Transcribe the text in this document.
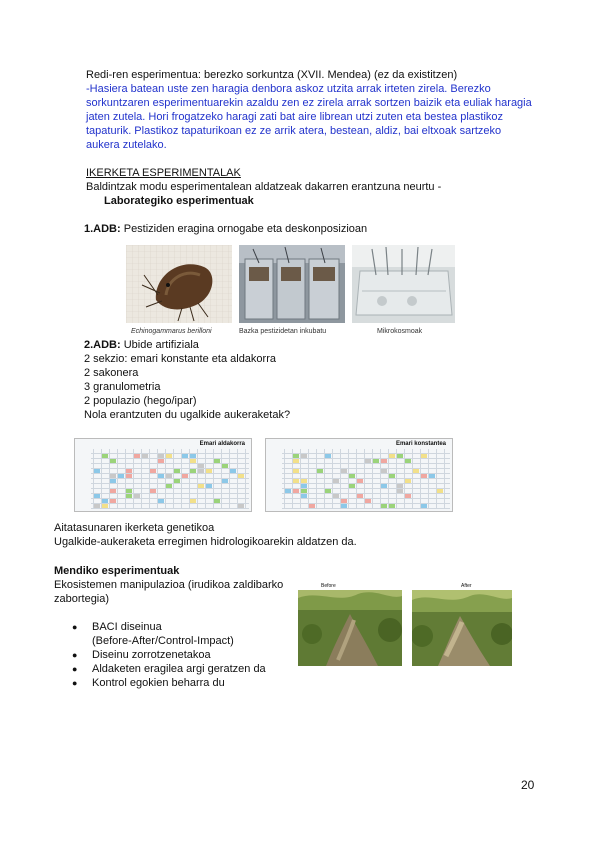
Redi-ren esperimentua: berezko sorkuntza (XVII. Mendea) (ez da existitzen)
-Hasiera batean uste zen haragia denbora askoz utzita arrak irteten zirela. Berezko
sorkuntzaren esperimentuarekin azaldu zen ez zirela arrak sortzen baizik eta euliak haragia
jaten zutela. Hori frogatzeko haragi zati bat aire librean utzi zuten eta bestea plastikoz
tapaturik. Plastikoz tapaturikoan ez ze arrik atera, bestean, aldiz, bai eltxoak sartzeko
aukera zutelako.
IKERKETA ESPERIMENTALAK
Baldintzak modu esperimentalean aldatzeak dakarren erantzuna neurtu -
Laborategiko esperimentuak
1.ADB: Pestiziden eragina ornogabe eta deskonposizioan
Echinogammarus berilloni	Bazka pestizidetan inkubatu	Mikrokosmoak
2.ADB: Ubide artifiziala
2 sekzio: emari konstante eta aldakorra
2 sakonera
3 granulometria
2 populazio (hego/ipar)
Nola erantzuten du ugalkide aukeraketak?
Emari aldakorra	Emari konstantea
Aitatasunaren ikerketa genetikoa
Ugalkide-aukeraketa erregimen hidrologikoarekin aldatzen da.
Mendiko esperimentuak
Ekosistemen manipulazioa (irudikoa zaldibarko
zabortegia)
● BACI diseinua
(Before-After/Control-Impact)
● Diseinu zorrotzenetakoa
● Aldaketen eragilea argi geratzen da
● Kontrol egokien beharra du
Before	After
20
